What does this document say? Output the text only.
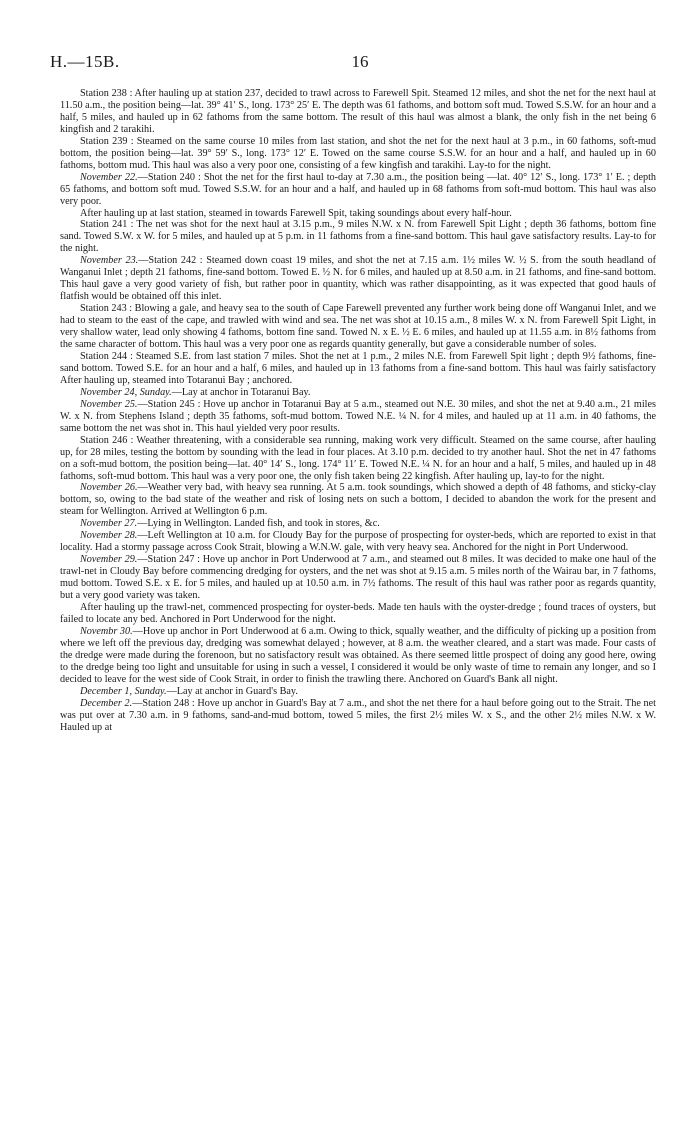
H.—15B.	16

Station 238 : After hauling up at station 237, decided to trawl across to Farewell Spit. Steamed 12 miles, and shot the net for the next haul at 11.50 a.m., the position being—lat. 39° 41′ S., long. 173° 25′ E. The depth was 61 fathoms, and bottom soft mud. Towed S.S.W. for an hour and a half, 5 miles, and hauled up in 62 fathoms from the same bottom. The result of this haul was almost a blank, the only fish in the net being 6 kingfish and 2 tarakihi.

Station 239 : Steamed on the same course 10 miles from last station, and shot the net for the next haul at 3 p.m., in 60 fathoms, soft-mud bottom, the position being—lat. 39° 59′ S., long. 173° 12′ E. Towed on the same course S.S.W. for an hour and a half, and hauled up in 60 fathoms, bottom mud. This haul was also a very poor one, consisting of a few kingfish and tarakihi. Lay-to for the night.

November 22.—Station 240 : Shot the net for the first haul to-day at 7.30 a.m., the position being —lat. 40° 12′ S., long. 173° 1′ E. ; depth 65 fathoms, and bottom soft mud. Towed S.S.W. for an hour and a half, and hauled up in 68 fathoms from soft-mud bottom. This haul was also very poor.

After hauling up at last station, steamed in towards Farewell Spit, taking soundings about every half-hour.

Station 241 : The net was shot for the next haul at 3.15 p.m., 9 miles N.W. x N. from Farewell Spit Light ; depth 36 fathoms, bottom fine sand. Towed S.W. x W. for 5 miles, and hauled up at 5 p.m. in 11 fathoms from a fine-sand bottom. This haul gave satisfactory results. Lay-to for the night.

November 23.—Station 242 : Steamed down coast 19 miles, and shot the net at 7.15 a.m. 1½ miles W. ½ S. from the south headland of Wanganui Inlet ; depth 21 fathoms, fine-sand bottom. Towed E. ½ N. for 6 miles, and hauled up at 8.50 a.m. in 21 fathoms, and fine-sand bottom. This haul gave a very good variety of fish, but rather poor in quantity, which was rather disappointing, as it was expected that good hauls of flatfish would be obtained off this inlet.

Station 243 : Blowing a gale, and heavy sea to the south of Cape Farewell prevented any further work being done off Wanganui Inlet, and we had to steam to the east of the cape, and trawled with wind and sea. The net was shot at 10.15 a.m., 8 miles W. x N. from Farewell Spit Light, in very shallow water, lead only showing 4 fathoms, bottom fine sand. Towed N. x E. ½ E. 6 miles, and hauled up at 11.55 a.m. in 8½ fathoms from the same character of bottom. This haul was a very poor one as regards quantity generally, but gave a considerable number of soles.

Station 244 : Steamed S.E. from last station 7 miles. Shot the net at 1 p.m., 2 miles N.E. from Farewell Spit light ; depth 9½ fathoms, fine-sand bottom. Towed S.E. for an hour and a half, 6 miles, and hauled up in 13 fathoms from a fine-sand bottom. This haul was fairly satisfactory After hauling up, steamed into Totaranui Bay ; anchored.

November 24, Sunday.—Lay at anchor in Totaranui Bay.

November 25.—Station 245 : Hove up anchor in Totaranui Bay at 5 a.m., steamed out N.E. 30 miles, and shot the net at 9.40 a.m., 21 miles W. x N. from Stephens Island ; depth 35 fathoms, soft-mud bottom. Towed N.E. ¼ N. for 4 miles, and hauled up at 11 a.m. in 40 fathoms, the same bottom the net was shot in. This haul yielded very poor results.

Station 246 : Weather threatening, with a considerable sea running, making work very difficult. Steamed on the same course, after hauling up, for 28 miles, testing the bottom by sounding with the lead in four places. At 3.10 p.m. decided to try another haul. Shot the net in 47 fathoms on a soft-mud bottom, the position being—lat. 40° 14′ S., long. 174° 11′ E. Towed N.E. ¼ N. for an hour and a half, 5 miles, and hauled up in 48 fathoms, soft-mud bottom. This haul was a very poor one, the only fish taken being 22 kingfish. After hauling up, lay-to for the night.

November 26.—Weather very bad, with heavy sea running. At 5 a.m. took soundings, which showed a depth of 48 fathoms, and sticky-clay bottom, so, owing to the bad state of the weather and risk of losing nets on such a bottom, I decided to abandon the work for the present and steam for Wellington. Arrived at Wellington 6 p.m.

November 27.—Lying in Wellington. Landed fish, and took in stores, &c.

November 28.—Left Wellington at 10 a.m. for Cloudy Bay for the purpose of prospecting for oyster-beds, which are reported to exist in that locality. Had a stormy passage across Cook Strait, blowing a W.N.W. gale, with very heavy sea. Anchored for the night in Port Underwood.

November 29.—Station 247 : Hove up anchor in Port Underwood at 7 a.m., and steamed out 8 miles. It was decided to make one haul of the trawl-net in Cloudy Bay before commencing dredging for oysters, and the net was shot at 9.15 a.m. 5 miles north of the Wairau bar, in 7 fathoms, mud bottom. Towed S.E. x E. for 5 miles, and hauled up at 10.50 a.m. in 7½ fathoms. The result of this haul was rather poor as regards quantity, but a very good variety was taken.

After hauling up the trawl-net, commenced prospecting for oyster-beds. Made ten hauls with the oyster-dredge ; found traces of oysters, but failed to locate any bed. Anchored in Port Underwood for the night.

Novembr 30.—Hove up anchor in Port Underwood at 6 a.m. Owing to thick, squally weather, and the difficulty of picking up a position from where we left off the previous day, dredging was somewhat delayed ; however, at 8 a.m. the weather cleared, and a start was made. Four casts of the dredge were made during the forenoon, but no satisfactory result was obtained. As there seemed little prospect of doing any good here, owing to the dredge being too light and unsuitable for using in such a vessel, I considered it would be only waste of time to remain any longer, and so I decided to leave for the west side of Cook Strait, in order to finish the trawling there. Anchored on Guard's Bank all night.

December 1, Sunday.—Lay at anchor in Guard's Bay.

December 2.—Station 248 : Hove up anchor in Guard's Bay at 7 a.m., and shot the net there for a haul before going out to the Strait. The net was put over at 7.30 a.m. in 9 fathoms, sand-and-mud bottom, towed 5 miles, the first 2½ miles W. x S., and the other 2½ miles N.W. x W. Hauled up at
